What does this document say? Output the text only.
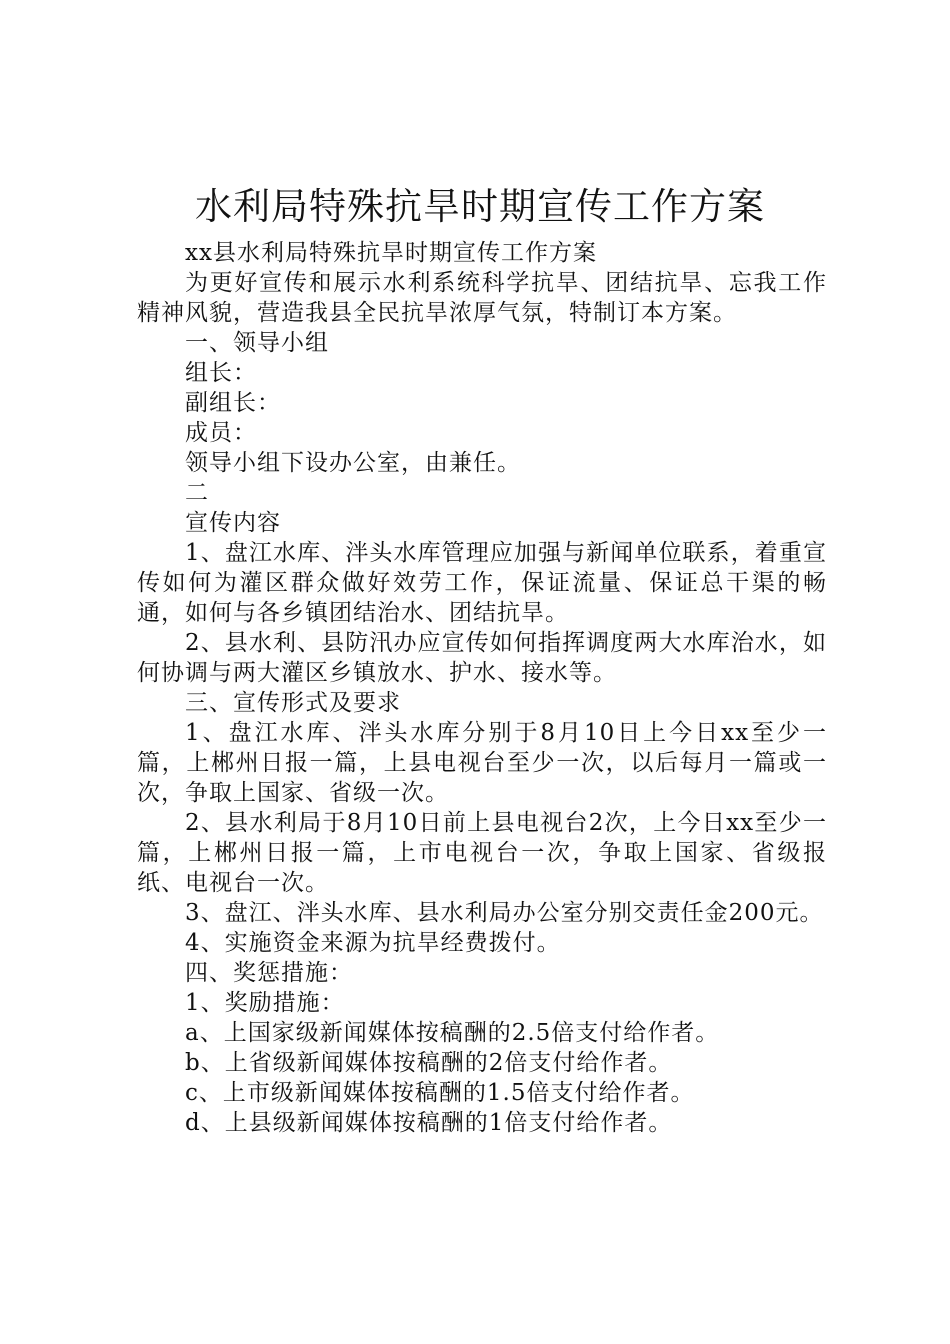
水利局特殊抗旱时期宣传工作方案

xx县水利局特殊抗旱时期宣传工作方案

为更好宣传和展示水利系统科学抗旱、团结抗旱、忘我工作精神风貌，营造我县全民抗旱浓厚气氛，特制订本方案。

一、领导小组

组长：

副组长：

成员：

领导小组下设办公室，由兼任。

二

宣传内容

1、盘江水库、泮头水库管理应加强与新闻单位联系，着重宣传如何为灌区群众做好效劳工作，保证流量、保证总干渠的畅通，如何与各乡镇团结治水、团结抗旱。

2、县水利、县防汛办应宣传如何指挥调度两大水库治水，如何协调与两大灌区乡镇放水、护水、接水等。

三、宣传形式及要求

1、盘江水库、泮头水库分别于8月10日上今日xx至少一篇，上郴州日报一篇，上县电视台至少一次，以后每月一篇或一次，争取上国家、省级一次。

2、县水利局于8月10日前上县电视台2次，上今日xx至少一篇，上郴州日报一篇，上市电视台一次，争取上国家、省级报纸、电视台一次。

3、盘江、泮头水库、县水利局办公室分别交责任金200元。

4、实施资金来源为抗旱经费拨付。

四、奖惩措施：

1、奖励措施：

a、上国家级新闻媒体按稿酬的2.5倍支付给作者。

b、上省级新闻媒体按稿酬的2倍支付给作者。

c、上市级新闻媒体按稿酬的1.5倍支付给作者。

d、上县级新闻媒体按稿酬的1倍支付给作者。
